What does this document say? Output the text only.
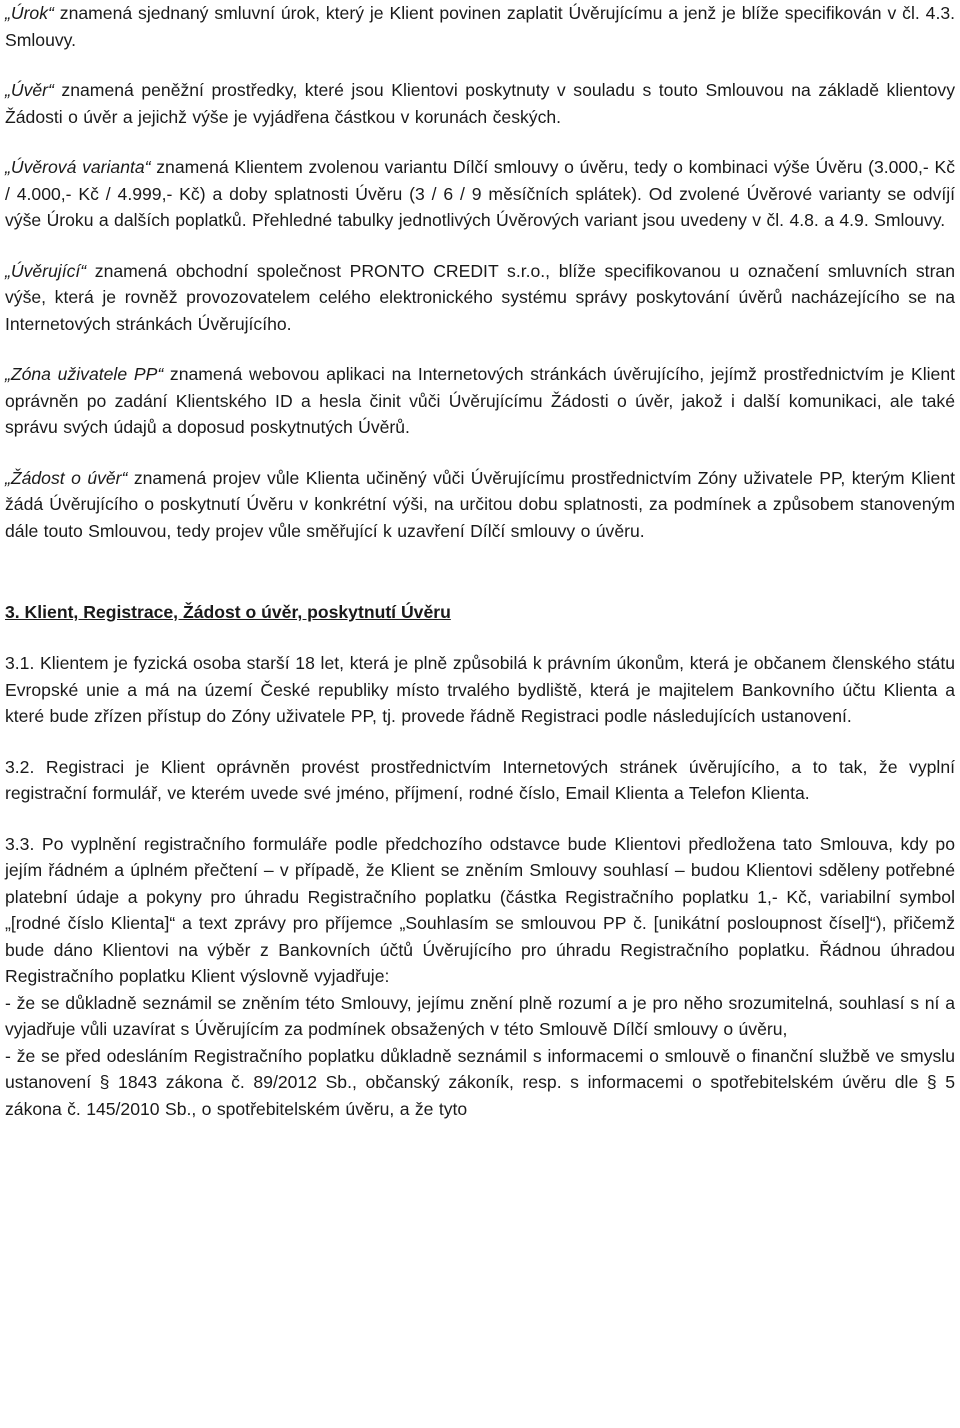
„Úrok“ znamená sjednaný smluvní úrok, který je Klient povinen zaplatit Úvěrujícímu a jenž je blíže specifikován v čl. 4.3. Smlouvy.

„Úvěr“ znamená peněžní prostředky, které jsou Klientovi poskytnuty v souladu s touto Smlouvou na základě klientovy Žádosti o úvěr a jejichž výše je vyjádřena částkou v korunách českých.

„Úvěrová varianta“ znamená Klientem zvolenou variantu Dílčí smlouvy o úvěru, tedy o kombinaci výše Úvěru (3.000,- Kč / 4.000,- Kč / 4.999,- Kč) a doby splatnosti Úvěru (3 / 6 / 9 měsíčních splátek). Od zvolené Úvěrové varianty se odvíjí výše Úroku a dalších poplatků. Přehledné tabulky jednotlivých Úvěrových variant jsou uvedeny v čl. 4.8. a 4.9. Smlouvy.

„Úvěrující“ znamená obchodní společnost PRONTO CREDIT s.r.o., blíže specifikovanou u označení smluvních stran výše, která je rovněž provozovatelem celého elektronického systému správy poskytování úvěrů nacházejícího se na Internetových stránkách Úvěrujícího.

„Zóna uživatele PP“ znamená webovou aplikaci na Internetových stránkách úvěrujícího, jejímž prostřednictvím je Klient oprávněn po zadání Klientského ID a hesla činit vůči Úvěrujícímu Žádosti o úvěr, jakož i další komunikaci, ale také správu svých údajů a doposud poskytnutých Úvěrů.

„Žádost o úvěr“ znamená projev vůle Klienta učiněný vůči Úvěrujícímu prostřednictvím Zóny uživatele PP, kterým Klient žádá Úvěrujícího o poskytnutí Úvěru v konkrétní výši, na určitou dobu splatnosti, za podmínek a způsobem stanoveným dále touto Smlouvou, tedy projev vůle směřující k uzavření Dílčí smlouvy o úvěru.

3. Klient, Registrace, Žádost o úvěr, poskytnutí Úvěru

3.1. Klientem je fyzická osoba starší 18 let, která je plně způsobilá k právním úkonům, která je občanem členského státu Evropské unie a má na území České republiky místo trvalého bydliště, která je majitelem Bankovního účtu Klienta a které bude zřízen přístup do Zóny uživatele PP, tj. provede řádně Registraci podle následujících ustanovení.

3.2. Registraci je Klient oprávněn provést prostřednictvím Internetových stránek úvěrujícího, a to tak, že vyplní registrační formulář, ve kterém uvede své jméno, příjmení, rodné číslo, Email Klienta a Telefon Klienta.

3.3. Po vyplnění registračního formuláře podle předchozího odstavce bude Klientovi předložena tato Smlouva, kdy po jejím řádném a úplném přečtení – v případě, že Klient se zněním Smlouvy souhlasí – budou Klientovi sděleny potřebné platební údaje a pokyny pro úhradu Registračního poplatku (částka Registračního poplatku 1,- Kč, variabilní symbol „[rodné číslo Klienta]“ a text zprávy pro příjemce „Souhlasím se smlouvou PP č. [unikátní posloupnost čísel]“), přičemž bude dáno Klientovi na výběr z Bankovních účtů Úvěrujícího pro úhradu Registračního poplatku. Řádnou úhradou Registračního poplatku Klient výslovně vyjadřuje:
- že se důkladně seznámil se zněním této Smlouvy, jejímu znění plně rozumí a je pro něho srozumitelná, souhlasí s ní a vyjadřuje vůli uzavírat s Úvěrujícím za podmínek obsažených v této Smlouvě Dílčí smlouvy o úvěru,
- že se před odesláním Registračního poplatku důkladně seznámil s informacemi o smlouvě o finanční službě ve smyslu ustanovení § 1843 zákona č. 89/2012 Sb., občanský zákoník, resp. s informacemi o spotřebitelském úvěru dle § 5 zákona č. 145/2010 Sb., o spotřebitelském úvěru, a že tyto
